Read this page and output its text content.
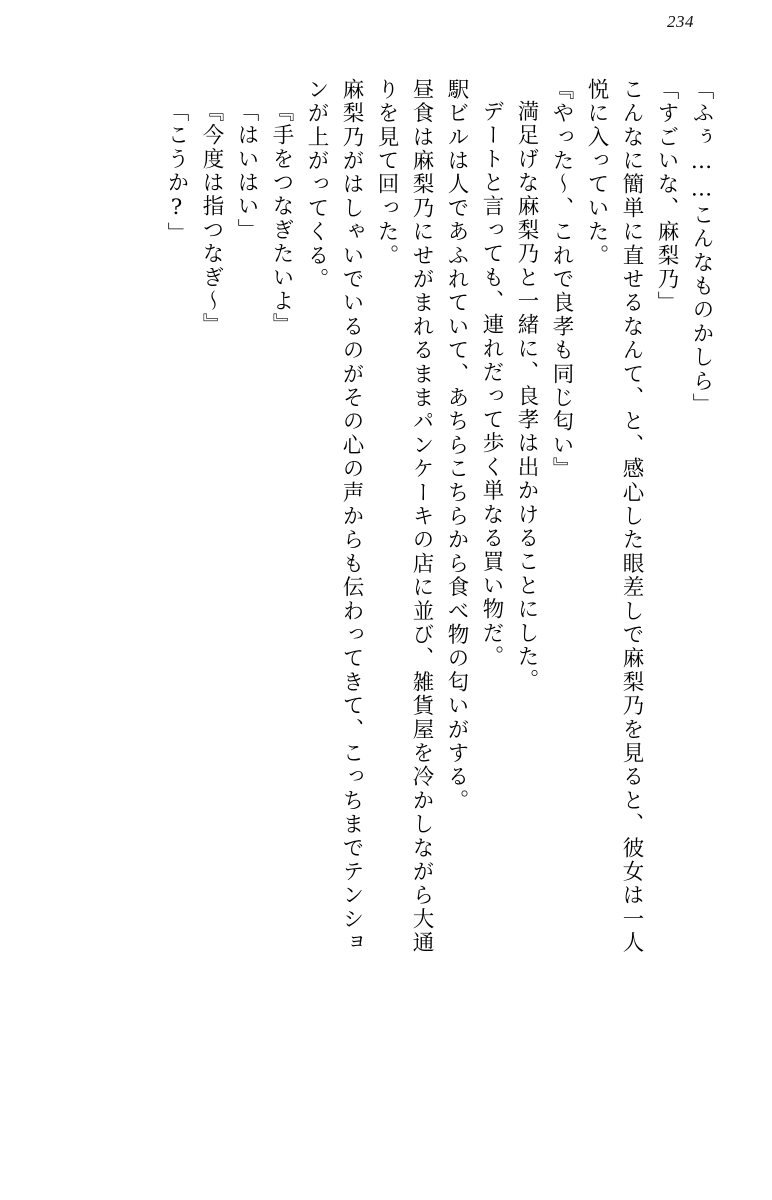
234
「ふぅ……こんなものかしら」
「すごいな、麻梨乃」
こんなに簡単に直せるなんて、と、感心した眼差しで麻梨乃を見ると、彼女は一人
悦に入っていた。
『やった～、これで良孝も同じ匂い』
満足げな麻梨乃と一緒に、良孝は出かけることにした。
デートと言っても、連れだって歩く単なる買い物だ。
駅ビルは人であふれていて、あちらこちらから食べ物の匂いがする。
昼食は麻梨乃にせがまれるままパンケーキの店に並び、雑貨屋を冷かしながら大通
りを見て回った。
麻梨乃がはしゃいでいるのがその心の声からも伝わってきて、こっちまでテンショ
ンが上がってくる。
『手をつなぎたいよ』
「はいはい」
『今度は指つなぎ～』
「こうか?」
